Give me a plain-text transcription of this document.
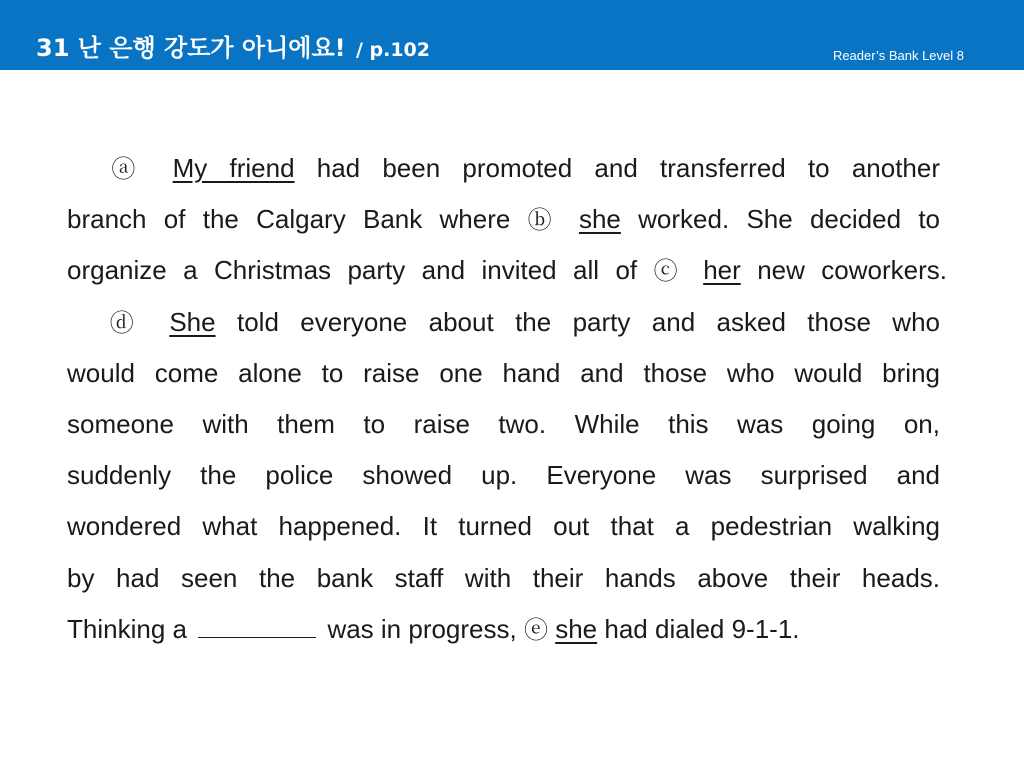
31 난 은행 강도가 아니에요! / p.102	Reader’s Bank Level 8
ⓐ My friend had been promoted and transferred to another
branch of the Calgary Bank where ⓑ she worked. She decided to
organize a Christmas party and invited all of ⓒ her new coworkers.
ⓓ She told everyone about the party and asked those who
would come alone to raise one hand and those who would bring
someone with them to raise two. While this was going on,
suddenly the police showed up. Everyone was surprised and
wondered what happened. It turned out that a pedestrian walking
by had seen the bank staff with their hands above their heads.
Thinking a	was in progress, ⓔ she had dialed 9-1-1.
